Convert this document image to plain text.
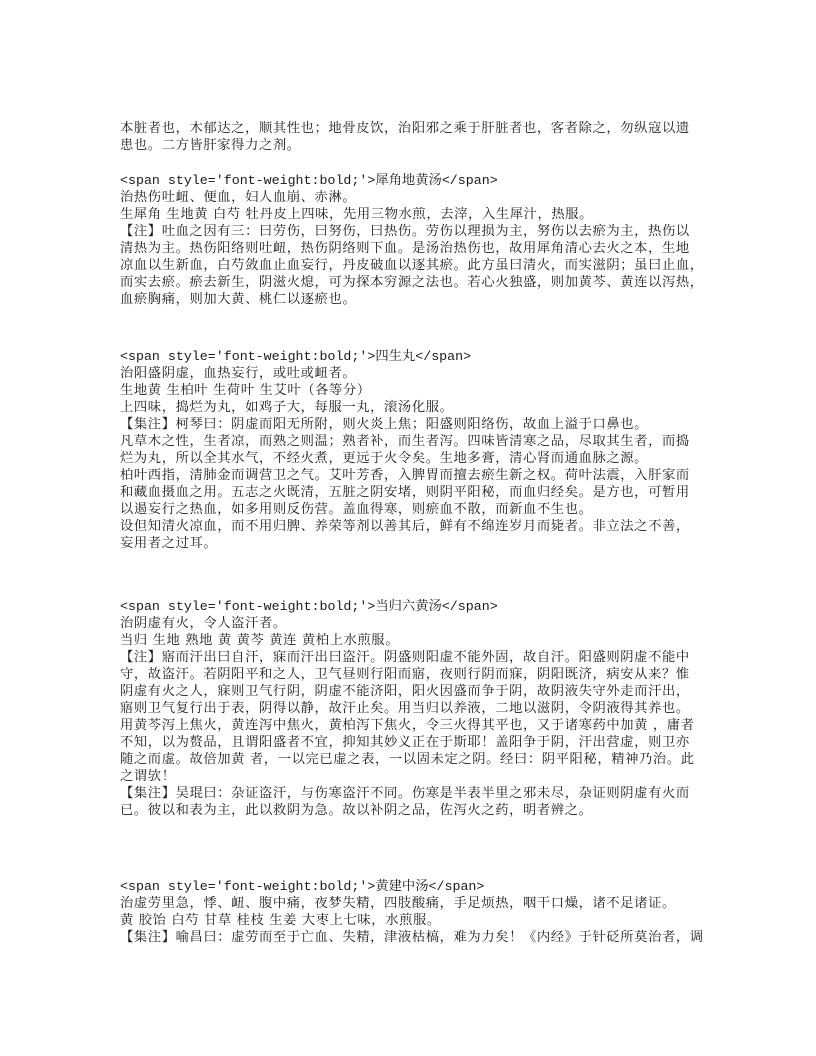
本脏者也，木郁达之，顺其性也；地骨皮饮，治阳邪之乘于肝脏者也，客者除之，勿纵寇以遗
患也。二方皆肝家得力之剂。
<span style='font-weight:bold;'>犀角地黄汤</span>
治热伤吐衄、便血，妇人血崩、赤淋。
生犀角 生地黄 白芍 牡丹皮上四味，先用三物水煎，去滓，入生犀汁，热服。
【注】吐血之因有三：曰劳伤，曰努伤，曰热伤。劳伤以理损为主，努伤以去瘀为主，热伤以
清热为主。热伤阳络则吐衄，热伤阴络则下血。是汤治热伤也，故用犀角清心去火之本，生地
凉血以生新血，白芍敛血止血妄行，丹皮破血以逐其瘀。此方虽曰清火，而实滋阴；虽曰止血，
而实去瘀。瘀去新生，阴滋火熄，可为探本穷源之法也。若心火独盛，则加黄芩、黄连以泻热，
血瘀胸痛，则加大黄、桃仁以逐瘀也。
<span style='font-weight:bold;'>四生丸</span>
治阳盛阴虚，血热妄行，或吐或衄者。
生地黄 生柏叶 生荷叶 生艾叶（各等分）
上四味，捣烂为丸，如鸡子大，每服一丸，滚汤化服。
【集注】柯琴曰：阴虚而阳无所附，则火炎上焦；阳盛则阳络伤，故血上溢于口鼻也。
凡草木之性，生者凉，而熟之则温；熟者补，而生者泻。四味皆清寒之品，尽取其生者，而捣
烂为丸，所以全其水气，不经火煮，更远于火令矣。生地多膏，清心肾而通血脉之源。
柏叶西指，清肺金而调营卫之气。艾叶芳香，入脾胃而擅去瘀生新之权。荷叶法震，入肝家而
和藏血摄血之用。五志之火既清，五脏之阴安堵，则阴平阳秘，而血归经矣。是方也，可暂用
以遏妄行之热血，如多用则反伤营。盖血得寒，则瘀血不散，而新血不生也。
设但知清火凉血，而不用归脾、养荣等剂以善其后，鲜有不绵连岁月而毙者。非立法之不善，
妄用者之过耳。
<span style='font-weight:bold;'>当归六黄汤</span>
治阴虚有火，令人盗汗者。
当归 生地 熟地 黄 黄芩 黄连 黄柏上水煎服。
【注】寤而汗出曰自汗，寐而汗出曰盗汗。阴盛则阳虚不能外固，故自汗。阳盛则阴虚不能中
守，故盗汗。若阴阳平和之人，卫气昼则行阳而寤，夜则行阴而寐，阴阳既济，病安从来？惟
阴虚有火之人，寐则卫气行阴，阴虚不能济阳，阳火因盛而争于阴，故阴液失守外走而汗出，
寤则卫气复行出于表，阴得以静，故汗止矣。用当归以养液，二地以滋阴，令阴液得其养也。
用黄芩泻上焦火，黄连泻中焦火，黄柏泻下焦火，令三火得其平也，又于诸寒药中加黄 ，庸者
不知，以为赘品，且谓阳盛者不宜，抑知其妙义正在于斯耶！盖阳争于阴，汗出营虚，则卫亦
随之而虚。故倍加黄 者，一以完已虚之表，一以固未定之阴。经曰：阴平阳秘，精神乃治。此
之谓欤！
【集注】吴琨曰：杂证盗汗，与伤寒盗汗不同。伤寒是半表半里之邪未尽，杂证则阴虚有火而
已。彼以和表为主，此以救阴为急。故以补阴之品，佐泻火之药，明者辨之。
<span style='font-weight:bold;'>黄建中汤</span>
治虚劳里急，悸、衄、腹中痛，夜梦失精，四肢酸痛，手足烦热，咽干口燥，诸不足诸证。
黄 胶饴 白芍 甘草 桂枝 生姜 大枣上七味，水煎服。
【集注】喻昌曰：虚劳而至于亡血、失精，津液枯槁，难为力矣！《内经》于针砭所莫治者，调
